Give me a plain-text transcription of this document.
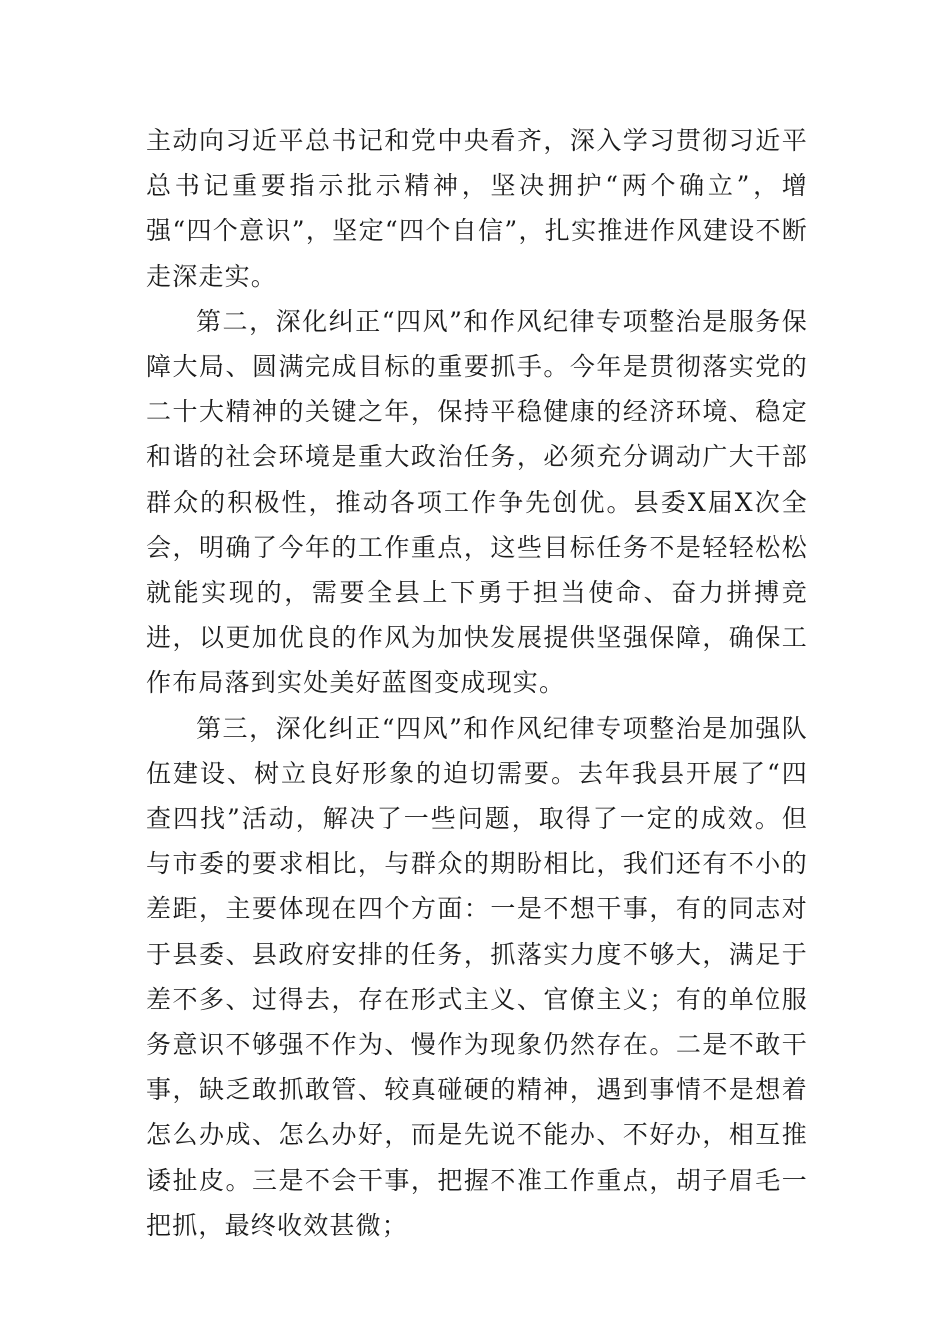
主动向习近平总书记和党中央看齐，深入学习贯彻习近平总书记重要指示批示精神，坚决拥护“两个确立”，增强“四个意识”，坚定“四个自信”，扎实推进作风建设不断走深走实。

第二，深化纠正“四风”和作风纪律专项整治是服务保障大局、圆满完成目标的重要抓手。今年是贯彻落实党的二十大精神的关键之年，保持平稳健康的经济环境、稳定和谐的社会环境是重大政治任务，必须充分调动广大干部群众的积极性，推动各项工作争先创优。县委X届X次全会，明确了今年的工作重点，这些目标任务不是轻轻松松就能实现的，需要全县上下勇于担当使命、奋力拼搏竞进，以更加优良的作风为加快发展提供坚强保障，确保工作布局落到实处美好蓝图变成现实。

第三，深化纠正“四风”和作风纪律专项整治是加强队伍建设、树立良好形象的迫切需要。去年我县开展了“四查四找”活动，解决了一些问题，取得了一定的成效。但与市委的要求相比，与群众的期盼相比，我们还有不小的差距，主要体现在四个方面：一是不想干事，有的同志对于县委、县政府安排的任务，抓落实力度不够大，满足于差不多、过得去，存在形式主义、官僚主义；有的单位服务意识不够强不作为、慢作为现象仍然存在。二是不敢干事，缺乏敢抓敢管、较真碰硬的精神，遇到事情不是想着怎么办成、怎么办好，而是先说不能办、不好办，相互推诿扯皮。三是不会干事，把握不准工作重点，胡子眉毛一把抓，最终收效甚微；
